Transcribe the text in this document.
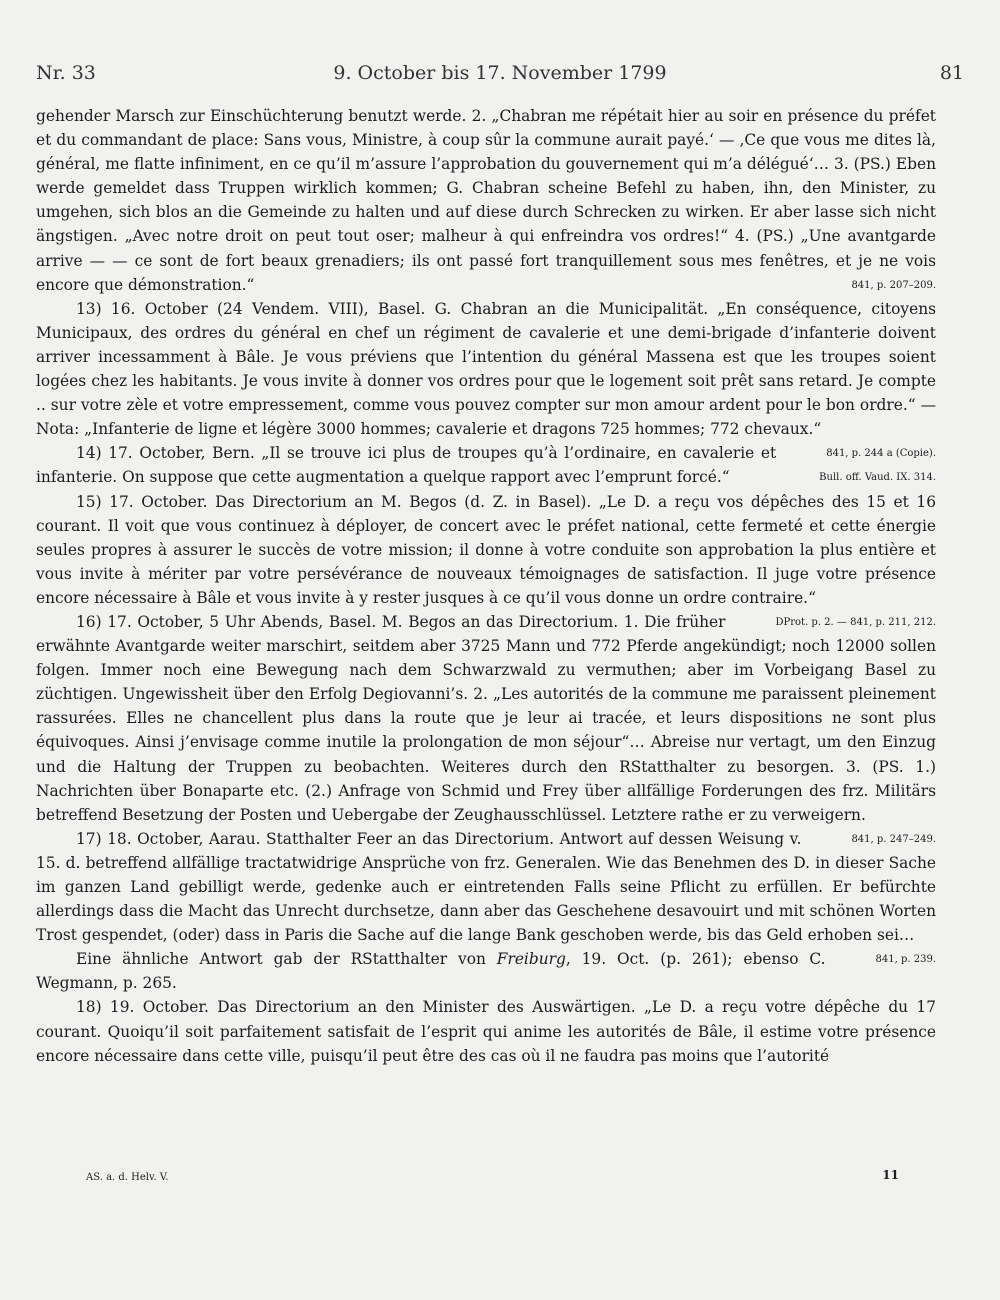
Nr. 33	9. October bis 17. November 1799	81

gehender Marsch zur Einschüchterung benutzt werde. 2. „Chabran me répétait hier au soir en présence du préfet et du commandant de place: Sans vous, Ministre, à coup sûr la commune aurait payé.‘ — ‚Ce que vous me dites là, général, me flatte infiniment, en ce qu’il m’assure l’approbation du gouvernement qui m’a délégué‘… 3. (PS.) Eben werde gemeldet dass Truppen wirklich kommen; G. Chabran scheine Befehl zu haben, ihn, den Minister, zu umgehen, sich blos an die Gemeinde zu halten und auf diese durch Schrecken zu wirken. Er aber lasse sich nicht ängstigen. „Avec notre droit on peut tout oser; malheur à qui enfreindra vos ordres!“ 4. (PS.) „Une avantgarde arrive — — ce sont de fort beaux grenadiers; ils ont passé fort tranquillement sous mes fenêtres, et je ne vois encore que démonstration.“	841, p. 207–209.

13) 16. October (24 Vendem. VIII), Basel. G. Chabran an die Municipalität. „En conséquence, citoyens Municipaux, des ordres du général en chef un régiment de cavalerie et une demi-brigade d’infanterie doivent arriver incessamment à Bâle. Je vous préviens que l’intention du général Massena est que les troupes soient logées chez les habitants. Je vous invite à donner vos ordres pour que le logement soit prêt sans retard. Je compte .. sur votre zèle et votre empressement, comme vous pouvez compter sur mon amour ardent pour le bon ordre.“ — Nota: „Infanterie de ligne et légère 3000 hommes; cavalerie et dragons 725 hommes; 772 chevaux.“
841, p. 244 a (Copie).

14) 17. October, Bern. „Il se trouve ici plus de troupes qu’à l’ordinaire, en cavalerie et infanterie. On suppose que cette augmentation a quelque rapport avec l’emprunt forcé.“	Bull. off. Vaud. IX. 314.

15) 17. October. Das Directorium an M. Begos (d. Z. in Basel). „Le D. a reçu vos dépêches des 15 et 16 courant. Il voit que vous continuez à déployer, de concert avec le préfet national, cette fermeté et cette énergie seules propres à assurer le succès de votre mission; il donne à votre conduite son approbation la plus entière et vous invite à mériter par votre persévérance de nouveaux témoignages de satisfaction. Il juge votre présence encore nécessaire à Bâle et vous invite à y rester jusques à ce qu’il vous donne un ordre contraire.“
DProt. p. 2. — 841, p. 211, 212.

16) 17. October, 5 Uhr Abends, Basel. M. Begos an das Directorium. 1. Die früher erwähnte Avantgarde weiter marschirt, seitdem aber 3725 Mann und 772 Pferde angekündigt; noch 12000 sollen folgen. Immer noch eine Bewegung nach dem Schwarzwald zu vermuthen; aber im Vorbeigang Basel zu züchtigen. Ungewissheit über den Erfolg Degiovanni’s. 2. „Les autorités de la commune me paraissent pleinement rassurées. Elles ne chancellent plus dans la route que je leur ai tracée, et leurs dispositions ne sont plus équivoques. Ainsi j’envisage comme inutile la prolongation de mon séjour“… Abreise nur vertagt, um den Einzug und die Haltung der Truppen zu beobachten. Weiteres durch den RStatthalter zu besorgen. 3. (PS. 1.) Nachrichten über Bonaparte etc. (2.) Anfrage von Schmid und Frey über allfällige Forderungen des frz. Militärs betreffend Besetzung der Posten und Uebergabe der Zeughausschlüssel. Letztere rathe er zu verweigern.
841, p. 247–249.

17) 18. October, Aarau. Statthalter Feer an das Directorium. Antwort auf dessen Weisung v. 15. d. betreffend allfällige tractatwidrige Ansprüche von frz. Generalen. Wie das Benehmen des D. in dieser Sache im ganzen Land gebilligt werde, gedenke auch er eintretenden Falls seine Pflicht zu erfüllen. Er befürchte allerdings dass die Macht das Unrecht durchsetze, dann aber das Geschehene desavouirt und mit schönen Worten Trost gespendet, (oder) dass in Paris die Sache auf die lange Bank geschoben werde, bis das Geld erhoben sei…
841, p. 239.

Eine ähnliche Antwort gab der RStatthalter von Freiburg, 19. Oct. (p. 261); ebenso C. Wegmann, p. 265.

18) 19. October. Das Directorium an den Minister des Auswärtigen. „Le D. a reçu votre dépêche du 17 courant. Quoiqu’il soit parfaitement satisfait de l’esprit qui anime les autorités de Bâle, il estime votre présence encore nécessaire dans cette ville, puisqu’il peut être des cas où il ne faudra pas moins que l’autorité

AS. a. d. Helv. V.	11
